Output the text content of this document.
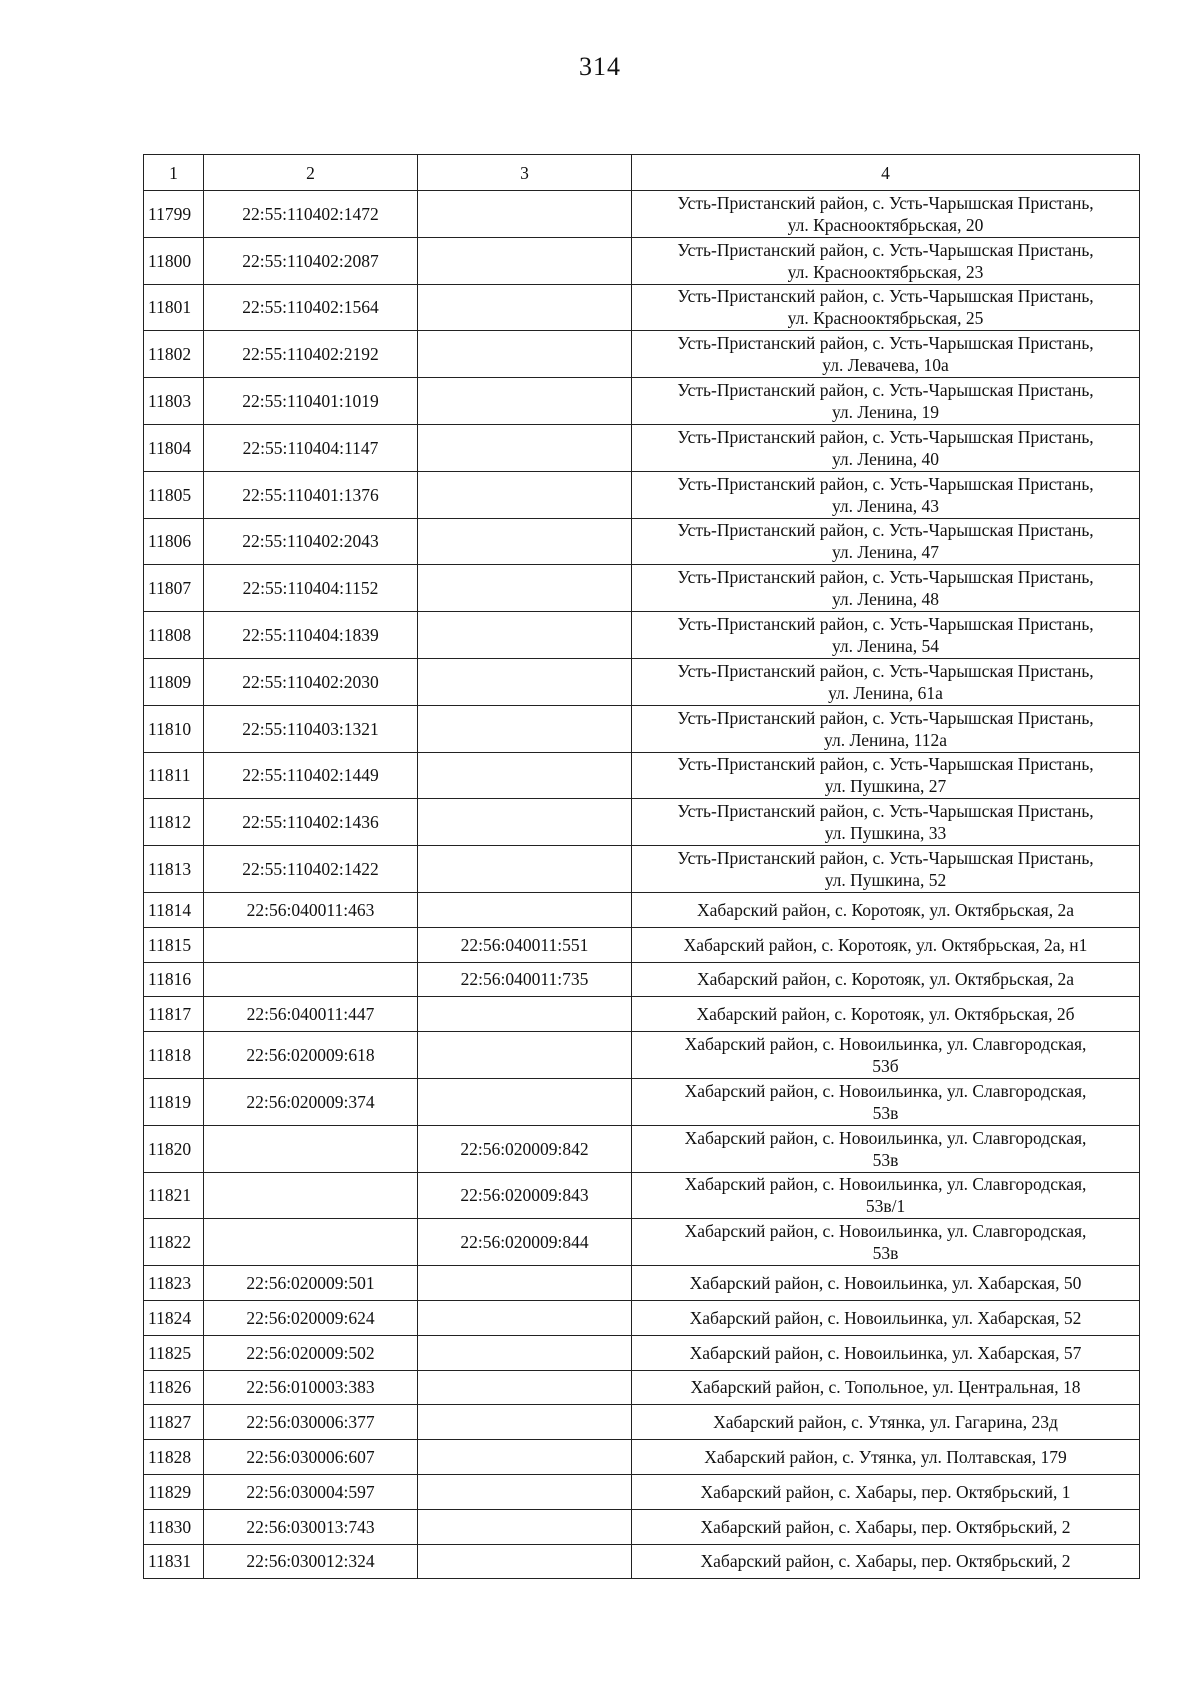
314
1	2	3	4
11799	22:55:110402:1472		Усть-Пристанский район, с. Усть-Чарышская Пристань,
ул. Краснооктябрьская, 20

11800	22:55:110402:2087		Усть-Пристанский район, с. Усть-Чарышская Пристань,
ул. Краснооктябрьская, 23

11801	22:55:110402:1564		Усть-Пристанский район, с. Усть-Чарышская Пристань,
ул. Краснооктябрьская, 25

11802	22:55:110402:2192		Усть-Пристанский район, с. Усть-Чарышская Пристань,
ул. Левачева, 10а

11803	22:55:110401:1019		Усть-Пристанский район, с. Усть-Чарышская Пристань,
ул. Ленина, 19

11804	22:55:110404:1147		Усть-Пристанский район, с. Усть-Чарышская Пристань,
ул. Ленина, 40

11805	22:55:110401:1376		Усть-Пристанский район, с. Усть-Чарышская Пристань,
ул. Ленина, 43

11806	22:55:110402:2043		Усть-Пристанский район, с. Усть-Чарышская Пристань,
ул. Ленина, 47

11807	22:55:110404:1152		Усть-Пристанский район, с. Усть-Чарышская Пристань,
ул. Ленина, 48

11808	22:55:110404:1839		Усть-Пристанский район, с. Усть-Чарышская Пристань,
ул. Ленина, 54

11809	22:55:110402:2030		Усть-Пристанский район, с. Усть-Чарышская Пристань,
ул. Ленина, 61а

11810	22:55:110403:1321		Усть-Пристанский район, с. Усть-Чарышская Пристань,
ул. Ленина, 112а

11811	22:55:110402:1449		Усть-Пристанский район, с. Усть-Чарышская Пристань,
ул. Пушкина, 27

11812	22:55:110402:1436		Усть-Пристанский район, с. Усть-Чарышская Пристань,
ул. Пушкина, 33

11813	22:55:110402:1422		Усть-Пристанский район, с. Усть-Чарышская Пристань,
ул. Пушкина, 52

11814	22:56:040011:463		Хабарский район, с. Коротояк, ул. Октябрьская, 2а

11815		22:56:040011:551	Хабарский район, с. Коротояк, ул. Октябрьская, 2а, н1

11816		22:56:040011:735	Хабарский район, с. Коротояк, ул. Октябрьская, 2а

11817	22:56:040011:447		Хабарский район, с. Коротояк, ул. Октябрьская, 2б

11818	22:56:020009:618		Хабарский район, с. Новоильинка, ул. Славгородская,
53б

11819	22:56:020009:374		Хабарский район, с. Новоильинка, ул. Славгородская,
53в

11820		22:56:020009:842	Хабарский район, с. Новоильинка, ул. Славгородская,
53в

11821		22:56:020009:843	Хабарский район, с. Новоильинка, ул. Славгородская,
53в/1

11822		22:56:020009:844	Хабарский район, с. Новоильинка, ул. Славгородская,
53в

11823	22:56:020009:501		Хабарский район, с. Новоильинка, ул. Хабарская, 50

11824	22:56:020009:624		Хабарский район, с. Новоильинка, ул. Хабарская, 52

11825	22:56:020009:502		Хабарский район, с. Новоильинка, ул. Хабарская, 57

11826	22:56:010003:383		Хабарский район, с. Топольное, ул. Центральная, 18

11827	22:56:030006:377		Хабарский район, с. Утянка, ул. Гагарина, 23д

11828	22:56:030006:607		Хабарский район, с. Утянка, ул. Полтавская, 179

11829	22:56:030004:597		Хабарский район, с. Хабары, пер. Октябрьский, 1

11830	22:56:030013:743		Хабарский район, с. Хабары, пер. Октябрьский, 2

11831	22:56:030012:324		Хабарский район, с. Хабары, пер. Октябрьский, 2
